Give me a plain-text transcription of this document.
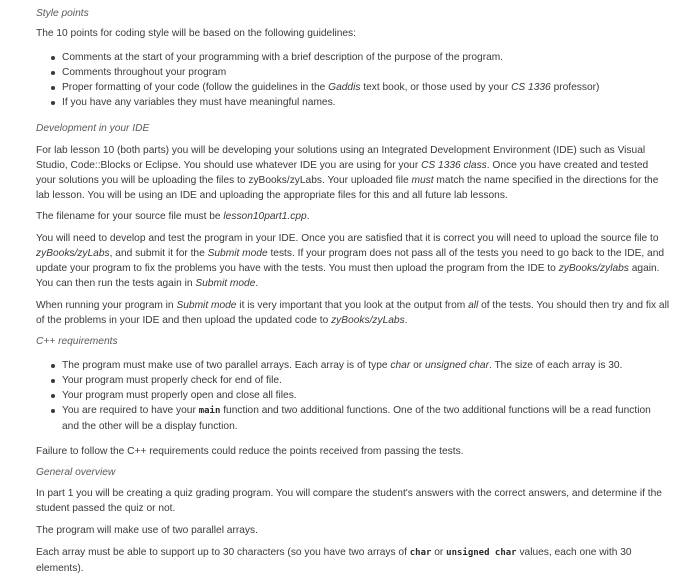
Style points

The 10 points for coding style will be based on the following guidelines:

Comments at the start of your programming with a brief description of the purpose of the program.
Comments throughout your program
Proper formatting of your code (follow the guidelines in the Gaddis text book, or those used by your CS 1336 professor)
If you have any variables they must have meaningful names.

Development in your IDE

For lab lesson 10 (both parts) you will be developing your solutions using an Integrated Development Environment (IDE) such as Visual Studio, Code::Blocks or Eclipse. You should use whatever IDE you are using for your CS 1336 class. Once you have created and tested your solutions you will be uploading the files to zyBooks/zyLabs. Your uploaded file must match the name specified in the directions for the lab lesson. You will be using an IDE and uploading the appropriate files for this and all future lab lessons.

The filename for your source file must be lesson10part1.cpp.

You will need to develop and test the program in your IDE. Once you are satisfied that it is correct you will need to upload the source file to zyBooks/zyLabs, and submit it for the Submit mode tests. If your program does not pass all of the tests you need to go back to the IDE, and update your program to fix the problems you have with the tests. You must then upload the program from the IDE to zyBooks/zylabs again. You can then run the tests again in Submit mode.

When running your program in Submit mode it is very important that you look at the output from all of the tests. You should then try and fix all of the problems in your IDE and then upload the updated code to zyBooks/zyLabs.

C++ requirements

The program must make use of two parallel arrays. Each array is of type char or unsigned char. The size of each array is 30.
Your program must properly check for end of file.
Your program must properly open and close all files.
You are required to have your main function and two additional functions. One of the two additional functions will be a read function and the other will be a display function.

Failure to follow the C++ requirements could reduce the points received from passing the tests.

General overview

In part 1 you will be creating a quiz grading program. You will compare the student's answers with the correct answers, and determine if the student passed the quiz or not.

The program will make use of two parallel arrays.

Each array must be able to support up to 30 characters (so you have two arrays of char or unsigned char values, each one with 30 elements).
